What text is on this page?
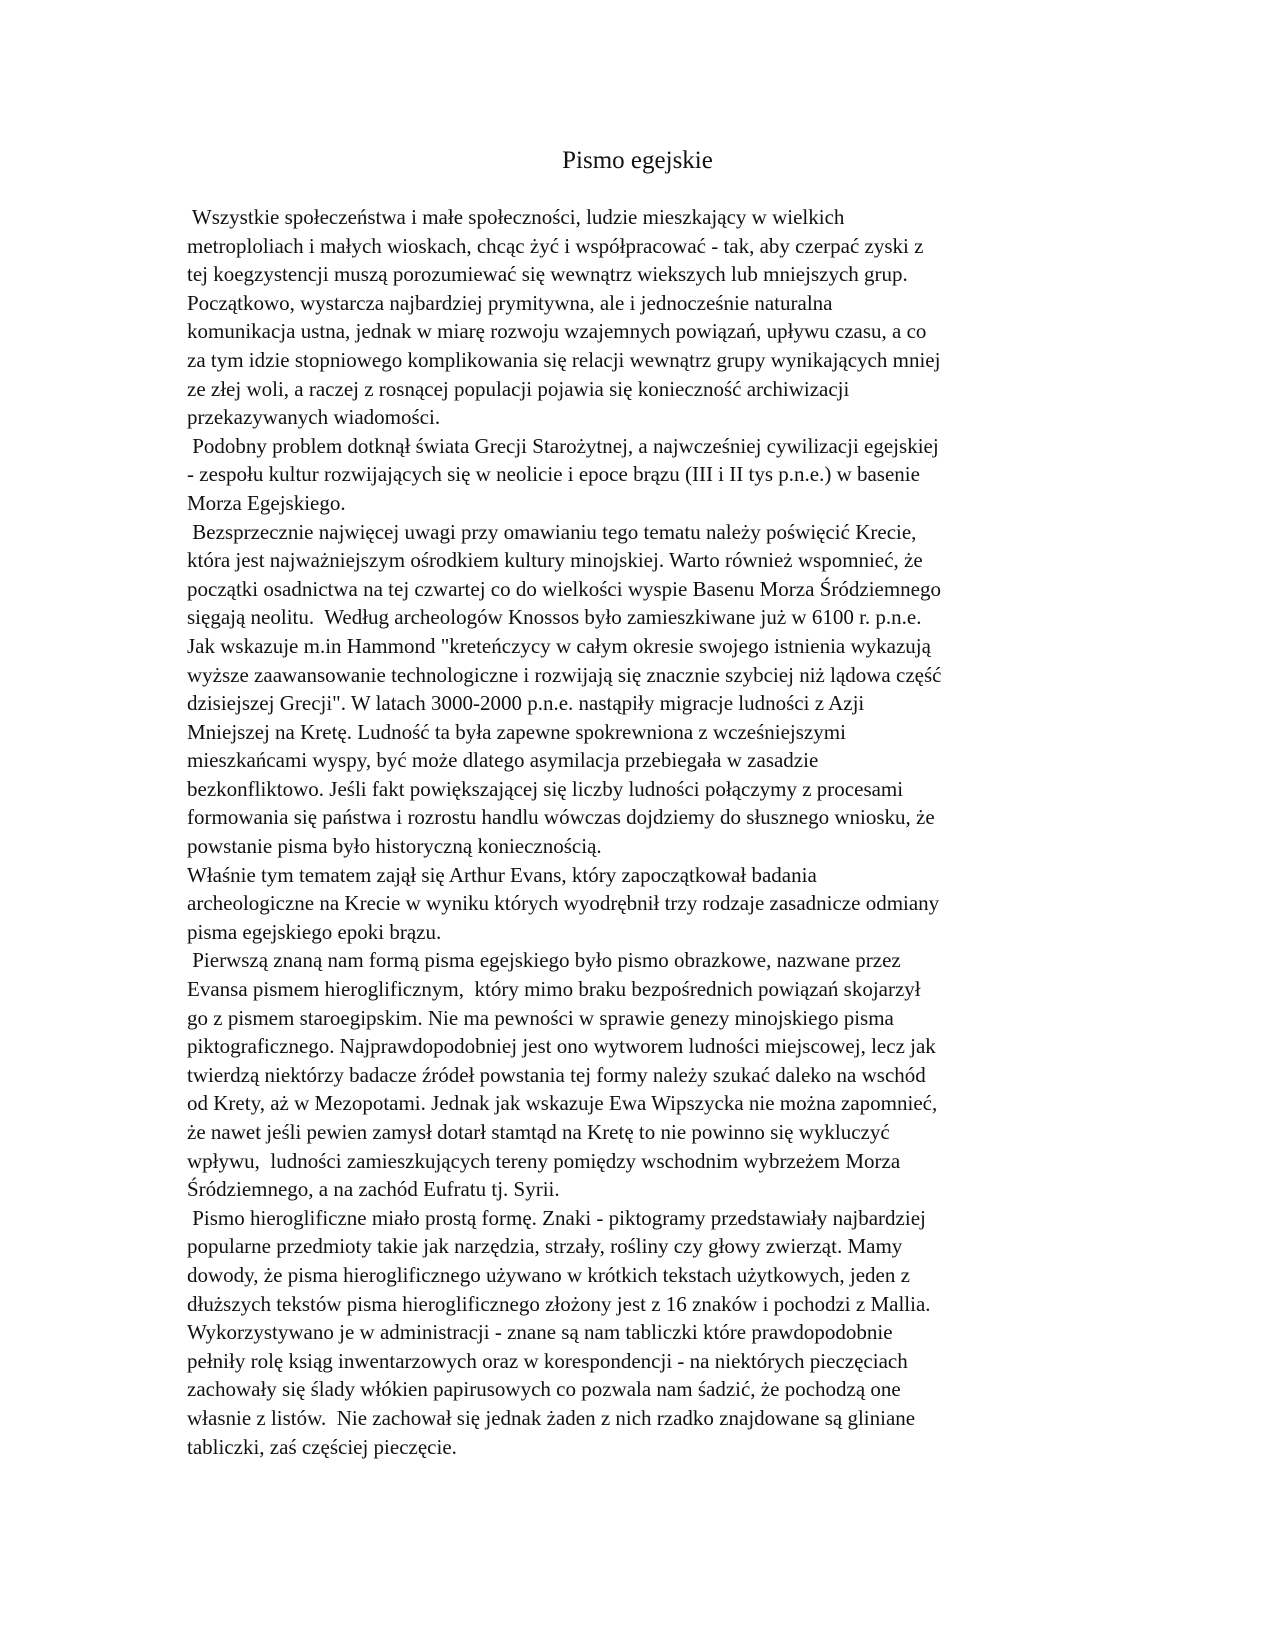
Pismo egejskie
Wszystkie społeczeństwa i małe społeczności, ludzie mieszkający w wielkich
metroploliach i małych wioskach, chcąc żyć i współpracować - tak, aby czerpać zyski z
tej koegzystencji muszą porozumiewać się wewnątrz wiekszych lub mniejszych grup.
Początkowo, wystarcza najbardziej prymitywna, ale i jednocześnie naturalna
komunikacja ustna, jednak w miarę rozwoju wzajemnych powiązań, upływu czasu, a co
za tym idzie stopniowego komplikowania się relacji wewnątrz grupy wynikających mniej
ze złej woli, a raczej z rosnącej populacji pojawia się konieczność archiwizacji
przekazywanych wiadomości.
Podobny problem dotknął świata Grecji Starożytnej, a najwcześniej cywilizacji egejskiej
- zespołu kultur rozwijających się w neolicie i epoce brązu (III i II tys p.n.e.) w basenie
Morza Egejskiego.
Bezsprzecznie najwięcej uwagi przy omawianiu tego tematu należy poświęcić Krecie,
która jest najważniejszym ośrodkiem kultury minojskiej. Warto również wspomnieć, że
początki osadnictwa na tej czwartej co do wielkości wyspie Basenu Morza Śródziemnego
sięgają neolitu.  Według archeologów Knossos było zamieszkiwane już w 6100 r. p.n.e.
Jak wskazuje m.in Hammond "kreteńczycy w całym okresie swojego istnienia wykazują
wyższe zaawansowanie technologiczne i rozwijają się znacznie szybciej niż lądowa część
dzisiejszej Grecji". W latach 3000-2000 p.n.e. nastąpiły migracje ludności z Azji
Mniejszej na Kretę. Ludność ta była zapewne spokrewniona z wcześniejszymi
mieszkańcami wyspy, być może dlatego asymilacja przebiegała w zasadzie
bezkonfliktowo. Jeśli fakt powiększającej się liczby ludności połączymy z procesami
formowania się państwa i rozrostu handlu wówczas dojdziemy do słusznego wniosku, że
powstanie pisma było historyczną koniecznością.
Właśnie tym tematem zajął się Arthur Evans, który zapoczątkował badania
archeologiczne na Krecie w wyniku których wyodrębnił trzy rodzaje zasadnicze odmiany
pisma egejskiego epoki brązu.
Pierwszą znaną nam formą pisma egejskiego było pismo obrazkowe, nazwane przez
Evansa pismem hieroglificznym,  który mimo braku bezpośrednich powiązań skojarzył
go z pismem staroegipskim. Nie ma pewności w sprawie genezy minojskiego pisma
piktograficznego. Najprawdopodobniej jest ono wytworem ludności miejscowej, lecz jak
twierdzą niektórzy badacze źródeł powstania tej formy należy szukać daleko na wschód
od Krety, aż w Mezopotami. Jednak jak wskazuje Ewa Wipszycka nie można zapomnieć,
że nawet jeśli pewien zamysł dotarł stamtąd na Kretę to nie powinno się wykluczyć
wpływu,  ludności zamieszkujących tereny pomiędzy wschodnim wybrzeżem Morza
Śródziemnego, a na zachód Eufratu tj. Syrii.
Pismo hieroglificzne miało prostą formę. Znaki - piktogramy przedstawiały najbardziej
popularne przedmioty takie jak narzędzia, strzały, rośliny czy głowy zwierząt. Mamy
dowody, że pisma hieroglificznego używano w krótkich tekstach użytkowych, jeden z
dłuższych tekstów pisma hieroglificznego złożony jest z 16 znaków i pochodzi z Mallia.
Wykorzystywano je w administracji - znane są nam tabliczki które prawdopodobnie
pełniły rolę ksiąg inwentarzowych oraz w korespondencji - na niektórych pieczęciach
zachowały się ślady włókien papirusowych co pozwala nam śadzić, że pochodzą one
własnie z listów.  Nie zachował się jednak żaden z nich rzadko znajdowane są gliniane
tabliczki, zaś częściej pieczęcie.
